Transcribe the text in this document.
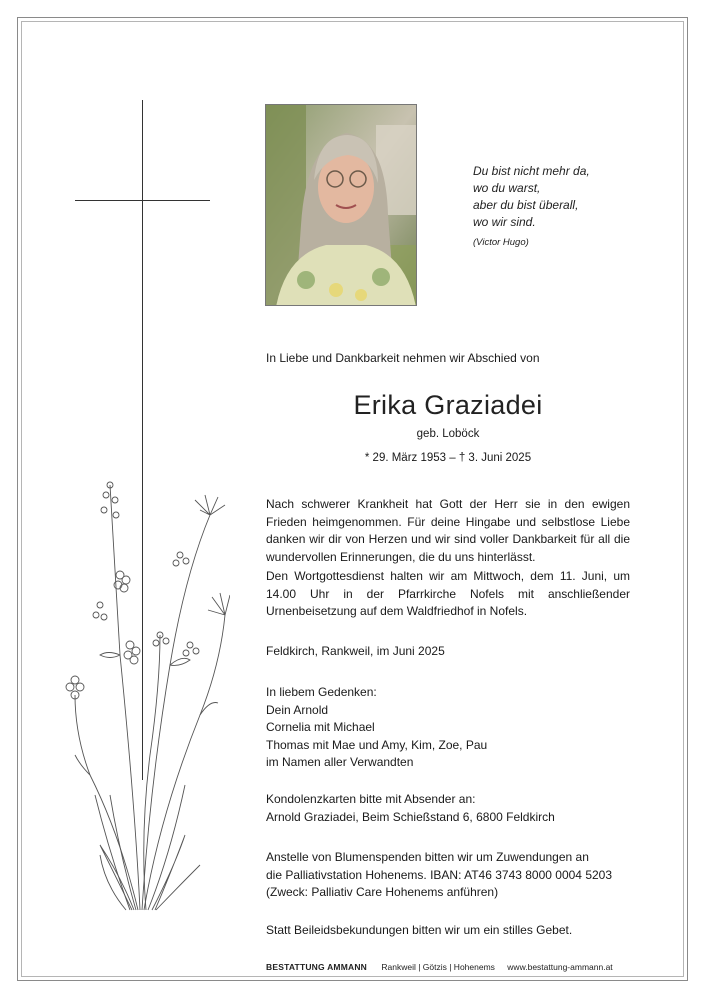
Du bist nicht mehr da,
wo du warst,
aber du bist überall,
wo wir sind.
(Victor Hugo)
In Liebe und Dankbarkeit nehmen wir Abschied von
Erika Graziadei
geb. Loböck
* 29. März 1953 – † 3. Juni 2025
Nach schwerer Krankheit hat Gott der Herr sie in den ewigen Frieden heimgenommen. Für deine Hingabe und selbstlose Liebe danken wir dir von Herzen und wir sind voller Dankbarkeit für all die wundervollen Erinnerungen, die du uns hinterlässt.
Den Wortgottesdienst halten wir am Mittwoch, dem 11. Juni, um 14.00 Uhr in der Pfarrkirche Nofels mit anschließender Urnenbeisetzung auf dem Waldfriedhof in Nofels.
Feldkirch, Rankweil, im Juni 2025
In liebem Gedenken:
Dein Arnold
Cornelia mit Michael
Thomas mit Mae und Amy, Kim, Zoe, Pau
im Namen aller Verwandten
Kondolenzkarten bitte mit Absender an:
Arnold Graziadei, Beim Schießstand 6, 6800 Feldkirch
Anstelle von Blumenspenden bitten wir um Zuwendungen an
die Palliativstation Hohenems. IBAN: AT46 3743 8000 0004 5203
(Zweck: Palliativ Care Hohenems anführen)
Statt Beileidsbekundungen bitten wir um ein stilles Gebet.
BESTATTUNG AMMANN Rankweil | Götzis | Hohenems www.bestattung-ammann.at
